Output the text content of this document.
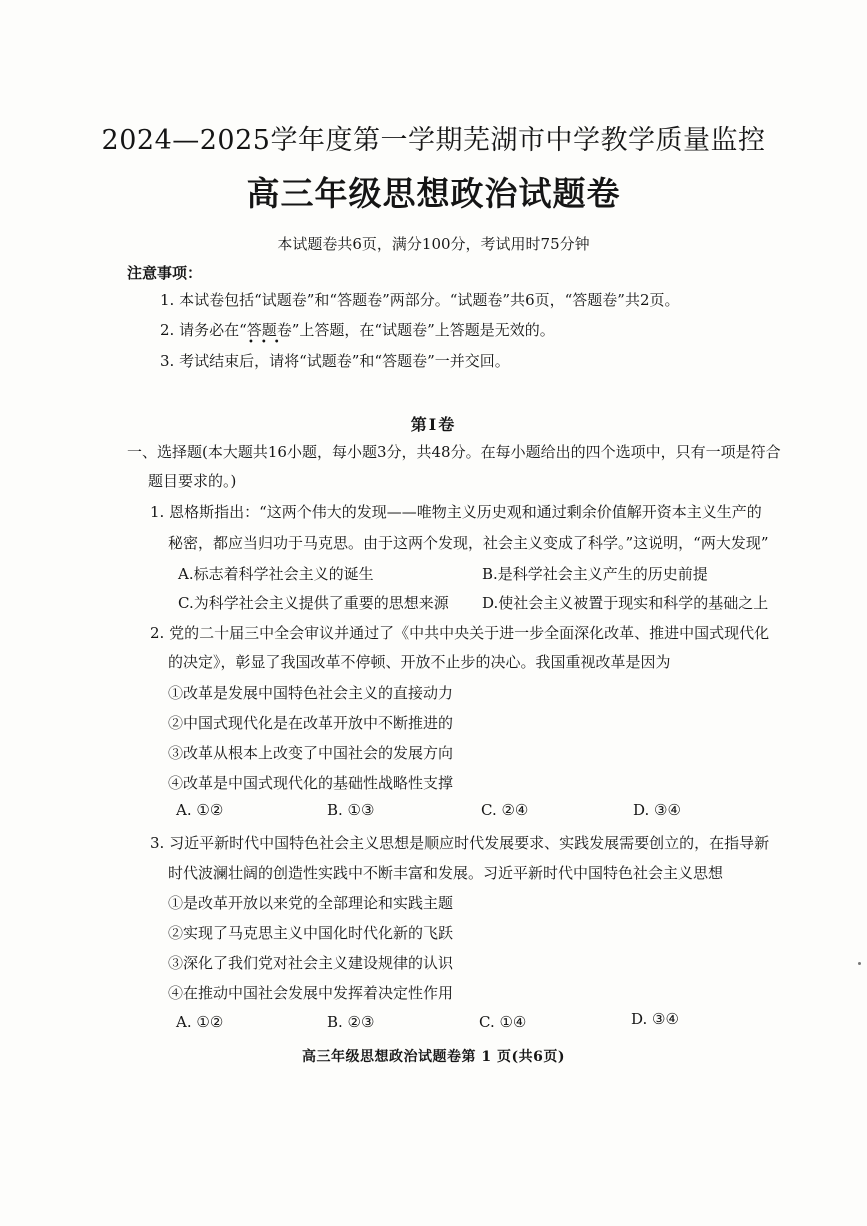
2024—2025学年度第一学期芜湖市中学教学质量监控
高三年级思想政治试题卷
本试题卷共6页，满分100分，考试用时75分钟
注意事项：
1. 本试卷包括“试题卷”和“答题卷”两部分。“试题卷”共6页，“答题卷”共2页。
2. 请务必在“答题卷”上答题，在“试题卷”上答题是无效的。
•••
3. 考试结束后，请将“试题卷”和“答题卷”一并交回。
第Ⅰ卷
一、选择题(本大题共16小题，每小题3分，共48分。在每小题给出的四个选项中，只有一项是符合
题目要求的。)
1. 恩格斯指出：“这两个伟大的发现——唯物主义历史观和通过剩余价值解开资本主义生产的
秘密，都应当归功于马克思。由于这两个发现，社会主义变成了科学。”这说明，“两大发现”
A.标志着科学社会主义的诞生	B.是科学社会主义产生的历史前提
C.为科学社会主义提供了重要的思想来源 D.使社会主义被置于现实和科学的基础之上
2. 党的二十届三中全会审议并通过了《中共中央关于进一步全面深化改革、推进中国式现代化
的决定》，彰显了我国改革不停顿、开放不止步的决心。我国重视改革是因为
①改革是发展中国特色社会主义的直接动力
②中国式现代化是在改革开放中不断推进的
③改革从根本上改变了中国社会的发展方向
④改革是中国式现代化的基础性战略性支撑
A. ①②	B. ①③	C. ②④	D. ③④
3. 习近平新时代中国特色社会主义思想是顺应时代发展要求、实践发展需要创立的，在指导新
时代波澜壮阔的创造性实践中不断丰富和发展。习近平新时代中国特色社会主义思想
①是改革开放以来党的全部理论和实践主题
②实现了马克思主义中国化时代化新的飞跃
③深化了我们党对社会主义建设规律的认识
④在推动中国社会发展中发挥着决定性作用
A. ①②	B. ②③	C. ①④	D. ③④
高三年级思想政治试题卷第 1 页(共6页)
